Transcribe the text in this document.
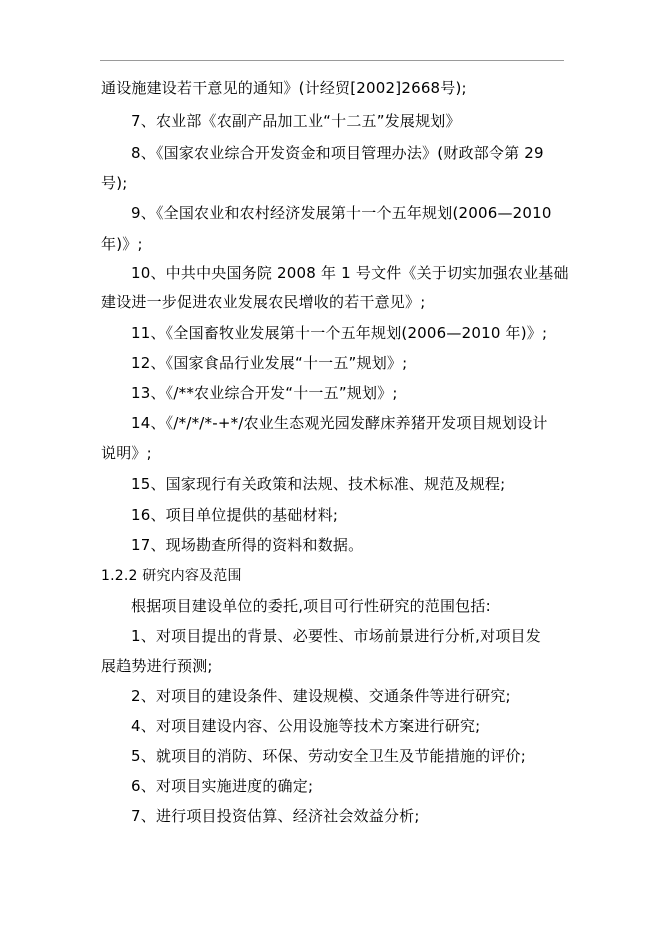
通设施建设若干意见的通知》(计经贸[2002]2668号);
7、农业部《农副产品加工业“十二五”发展规划》
8、《国家农业综合开发资金和项目管理办法》(财政部令第 29
号);
9、《全国农业和农村经济发展第十一个五年规划(2006—2010
年)》;
10、中共中央国务院 2008 年 1 号文件《关于切实加强农业基础
建设进一步促进农业发展农民增收的若干意见》;
11、《全国畜牧业发展第十一个五年规划(2006—2010 年)》;
12、《国家食品行业发展“十一五”规划》;
13、《/**农业综合开发“十一五”规划》;
14、《/*/*/*-+*/农业生态观光园发酵床养猪开发项目规划设计
说明》;
15、国家现行有关政策和法规、技术标准、规范及规程;
16、项目单位提供的基础材料;
17、现场勘查所得的资料和数据。
1.2.2 研究内容及范围
根据项目建设单位的委托,项目可行性研究的范围包括:
1、对项目提出的背景、必要性、市场前景进行分析,对项目发
展趋势进行预测;
2、对项目的建设条件、建设规模、交通条件等进行研究;
4、对项目建设内容、公用设施等技术方案进行研究;
5、就项目的消防、环保、劳动安全卫生及节能措施的评价;
6、对项目实施进度的确定;
7、进行项目投资估算、经济社会效益分析;
